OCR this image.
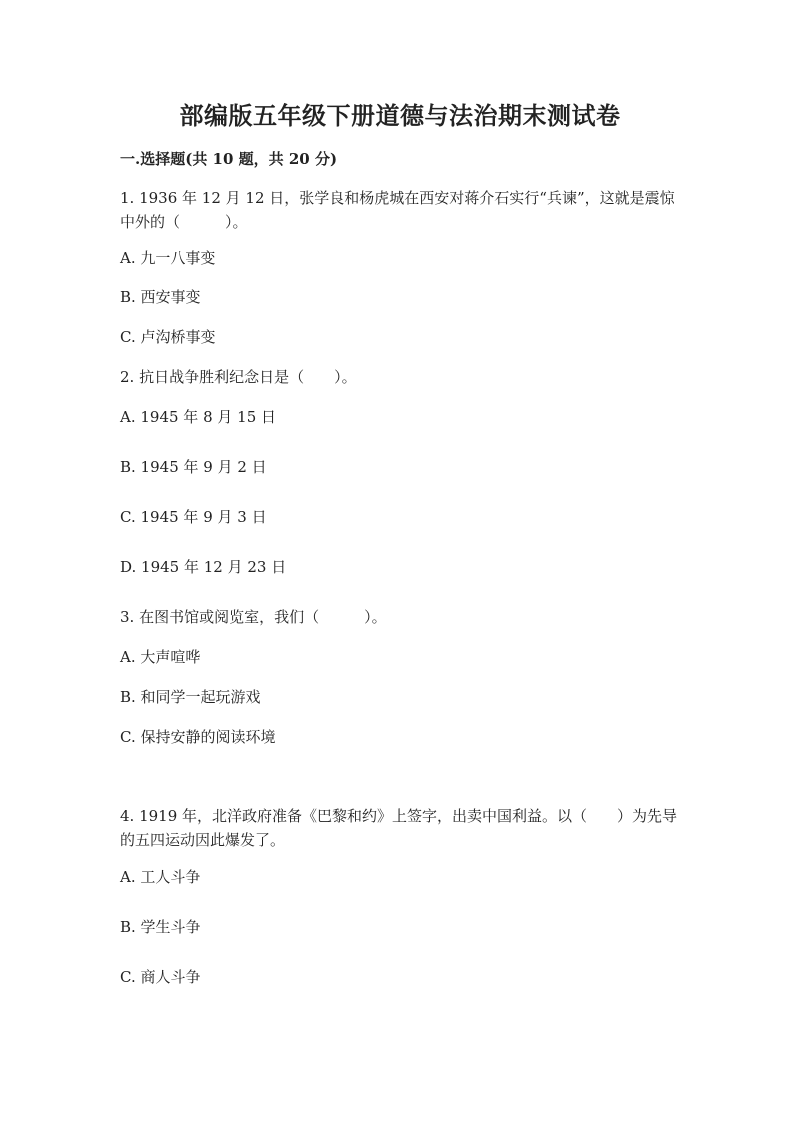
部编版五年级下册道德与法治期末测试卷
一.选择题(共 10 题，共 20 分)
1. 1936 年 12 月 12 日，张学良和杨虎城在西安对蒋介石实行“兵谏”，这就是震惊中外的（　　　）。
A. 九一八事变
B. 西安事变
C. 卢沟桥事变
2. 抗日战争胜利纪念日是（　　）。
A. 1945 年 8 月 15 日
B. 1945 年 9 月 2 日
C. 1945 年 9 月 3 日
D. 1945 年 12 月 23 日
3. 在图书馆或阅览室，我们（　　　）。
A. 大声喧哗
B. 和同学一起玩游戏
C. 保持安静的阅读环境
4. 1919 年，北洋政府准备《巴黎和约》上签字，出卖中国利益。以（　　）为先导的五四运动因此爆发了。
A. 工人斗争
B. 学生斗争
C. 商人斗争
